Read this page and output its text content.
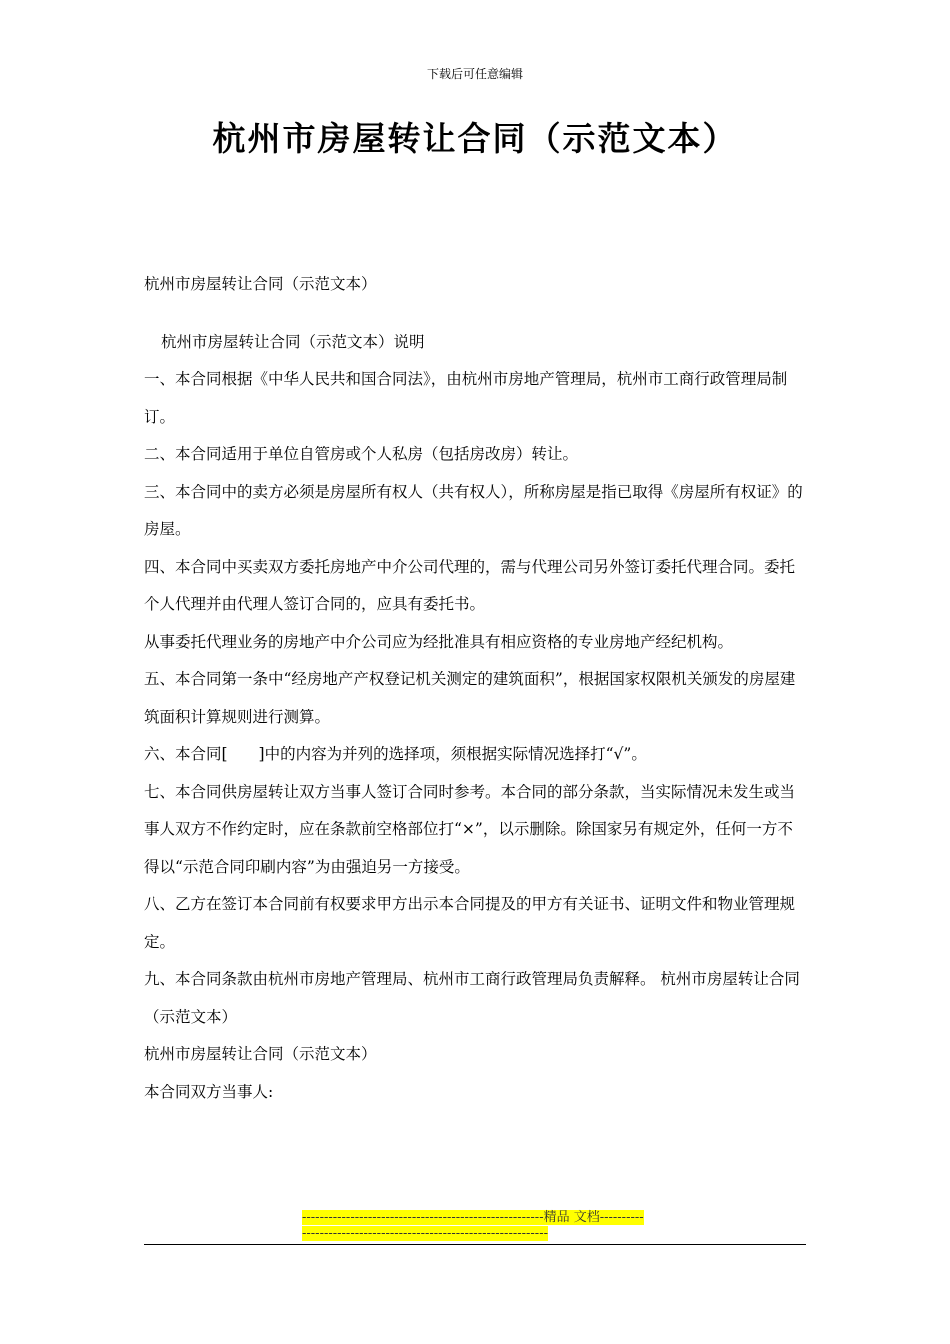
下载后可任意编辑
杭州市房屋转让合同（示范文本）

杭州市房屋转让合同（示范文本）

杭州市房屋转让合同（示范文本）说明

一、本合同根据《中华人民共和国合同法》，由杭州市房地产管理局，杭州市工商行政管理局制订。

二、本合同适用于单位自管房或个人私房（包括房改房）转让。

三、本合同中的卖方必须是房屋所有权人（共有权人），所称房屋是指已取得《房屋所有权证》的房屋。

四、本合同中买卖双方委托房地产中介公司代理的，需与代理公司另外签订委托代理合同。委托个人代理并由代理人签订合同的，应具有委托书。

从事委托代理业务的房地产中介公司应为经批准具有相应资格的专业房地产经纪机构。

五、本合同第一条中“经房地产产权登记机关测定的建筑面积”，根据国家权限机关颁发的房屋建筑面积计算规则进行测算。

六、本合同[　　]中的内容为并列的选择项，须根据实际情况选择打“√”。

七、本合同供房屋转让双方当事人签订合同时参考。本合同的部分条款，当实际情况未发生或当事人双方不作约定时，应在条款前空格部位打“×”，以示删除。除国家另有规定外，任何一方不得以“示范合同印刷内容”为由强迫另一方接受。

八、乙方在签订本合同前有权要求甲方出示本合同提及的甲方有关证书、证明文件和物业管理规定。

九、本合同条款由杭州市房地产管理局、杭州市工商行政管理局负责解释。 杭州市房屋转让合同（示范文本）

杭州市房屋转让合同（示范文本）

本合同双方当事人:

-------------------------------------------------------精品 文档------------------------------------------------------------------
